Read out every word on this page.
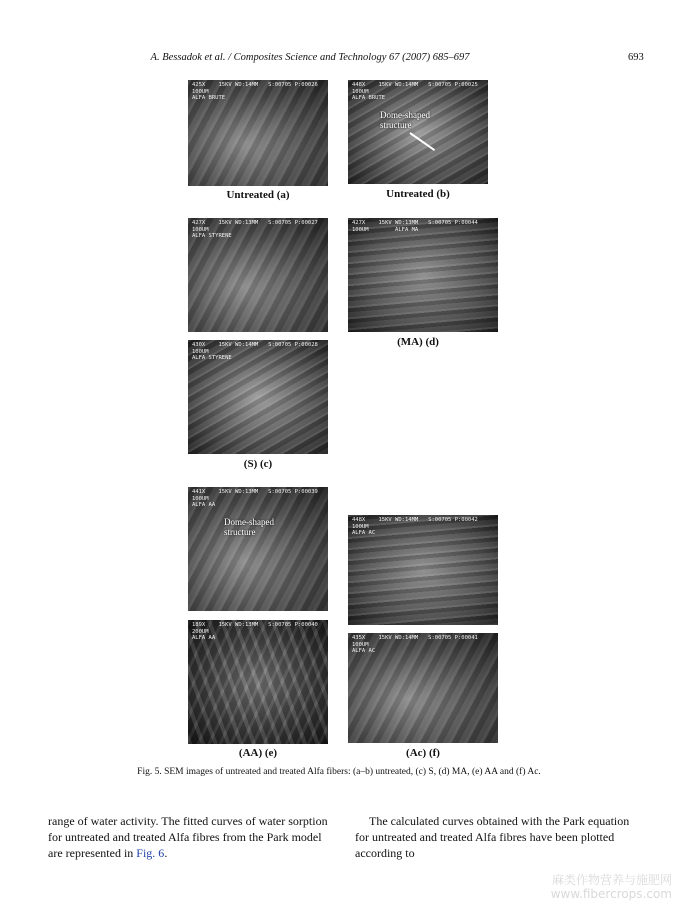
A. Bessadok et al. / Composites Science and Technology 67 (2007) 685–697	693
425X    15KV WD:14MM   S:00705 P:00026
100UM
ALFA BRUTE
Untreated (a)
448X    15KV WD:14MM   S:00705 P:00025
100UM
ALFA BRUTE
Dome-shaped
structure
Untreated (b)
427X    15KV WD:13MM   S:00705 P:00027
100UM
ALFA STYRENE
427X    15KV WD:13MM   S:00705 P:00044
100UM        ALFA MA
(MA) (d)
430X    15KV WD:14MM   S:00705 P:00028
100UM
ALFA STYRENE
(S) (c)
441X    15KV WD:13MM   S:00705 P:00039
100UM
ALFA AA
Dome-shaped
structure
448X    15KV WD:14MM   S:00705 P:00042
100UM
ALFA AC
189X    15KV WD:13MM   S:00705 P:00040
200UM
ALFA AA
(AA) (e)
435X    15KV WD:14MM   S:00705 P:00041
100UM
ALFA AC
(Ac) (f)
Fig. 5. SEM images of untreated and treated Alfa fibers: (a–b) untreated, (c) S, (d) MA, (e) AA and (f) Ac.
range of water activity. The fitted curves of water sorption
for untreated and treated Alfa fibres from the Park model
are represented in Fig. 6.
The calculated curves obtained with the Park equation
for untreated and treated Alfa fibres have been plotted
according to
麻类作物营养与施肥网
www.fibercrops.com
